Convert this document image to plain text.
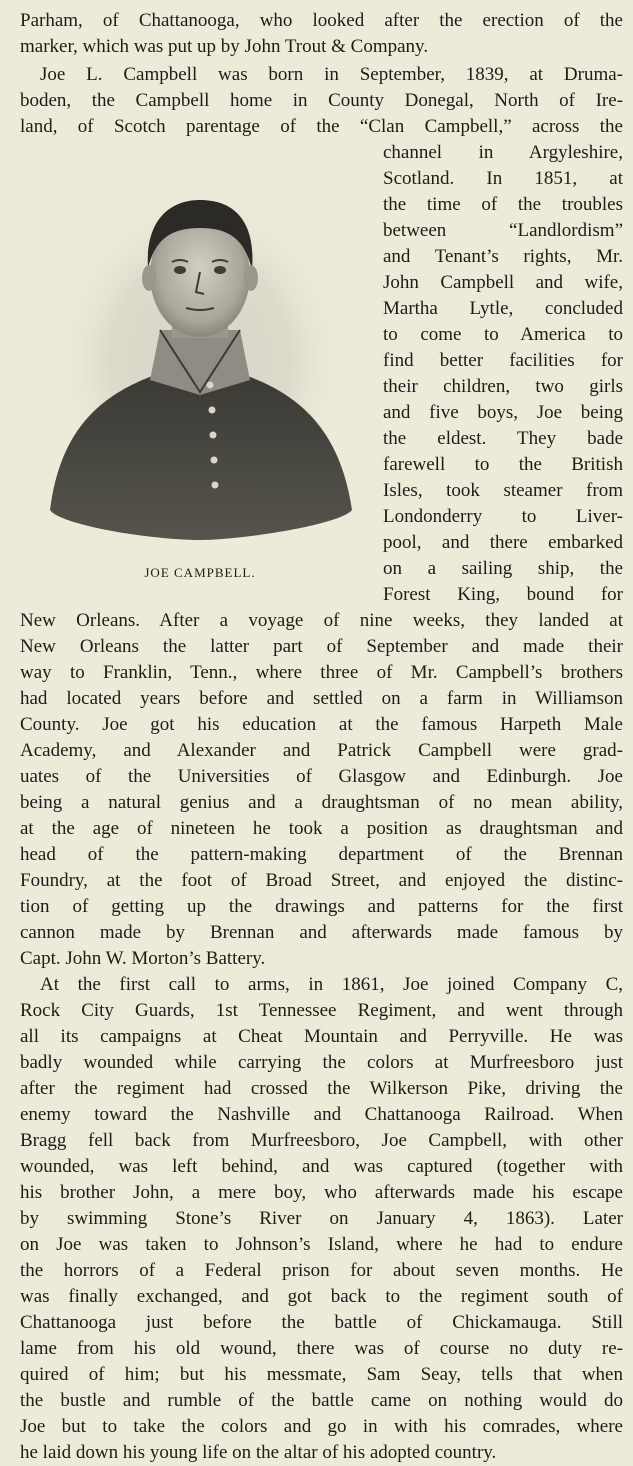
JOE CAMPBELL.
Parham, of Chattanooga, who looked after the erection of the
marker, which was put up by John Trout & Company.
Joe L. Campbell was born in September, 1839, at Druma-
boden, the Campbell home in County Donegal, North of Ire-
land, of Scotch parentage of the “Clan Campbell,” across the
channel in Argyleshire,
Scotland. In 1851, at
the time of the troubles
between “Landlordism”
and Tenant’s rights, Mr.
John Campbell and wife,
Martha Lytle, concluded
to come to America to
find better facilities for
their children, two girls
and five boys, Joe being
the eldest. They bade
farewell to the British
Isles, took steamer from
Londonderry to Liver-
pool, and there embarked
on a sailing ship, the
Forest King, bound for
New Orleans. After a voyage of nine weeks, they landed at
New Orleans the latter part of September and made their
way to Franklin, Tenn., where three of Mr. Campbell’s brothers
had located years before and settled on a farm in Williamson
County. Joe got his education at the famous Harpeth Male
Academy, and Alexander and Patrick Campbell were grad-
uates of the Universities of Glasgow and Edinburgh. Joe
being a natural genius and a draughtsman of no mean ability,
at the age of nineteen he took a position as draughtsman and
head of the pattern-making department of the Brennan
Foundry, at the foot of Broad Street, and enjoyed the distinc-
tion of getting up the drawings and patterns for the first
cannon made by Brennan and afterwards made famous by
Capt. John W. Morton’s Battery.
At the first call to arms, in 1861, Joe joined Company C,
Rock City Guards, 1st Tennessee Regiment, and went through
all its campaigns at Cheat Mountain and Perryville. He was
badly wounded while carrying the colors at Murfreesboro just
after the regiment had crossed the Wilkerson Pike, driving the
enemy toward the Nashville and Chattanooga Railroad. When
Bragg fell back from Murfreesboro, Joe Campbell, with other
wounded, was left behind, and was captured (together with
his brother John, a mere boy, who afterwards made his escape
by swimming Stone’s River on January 4, 1863). Later
on Joe was taken to Johnson’s Island, where he had to endure
the horrors of a Federal prison for about seven months. He
was finally exchanged, and got back to the regiment south of
Chattanooga just before the battle of Chickamauga. Still
lame from his old wound, there was of course no duty re-
quired of him; but his messmate, Sam Seay, tells that when
the bustle and rumble of the battle came on nothing would do
Joe but to take the colors and go in with his comrades, where
he laid down his young life on the altar of his adopted country.
